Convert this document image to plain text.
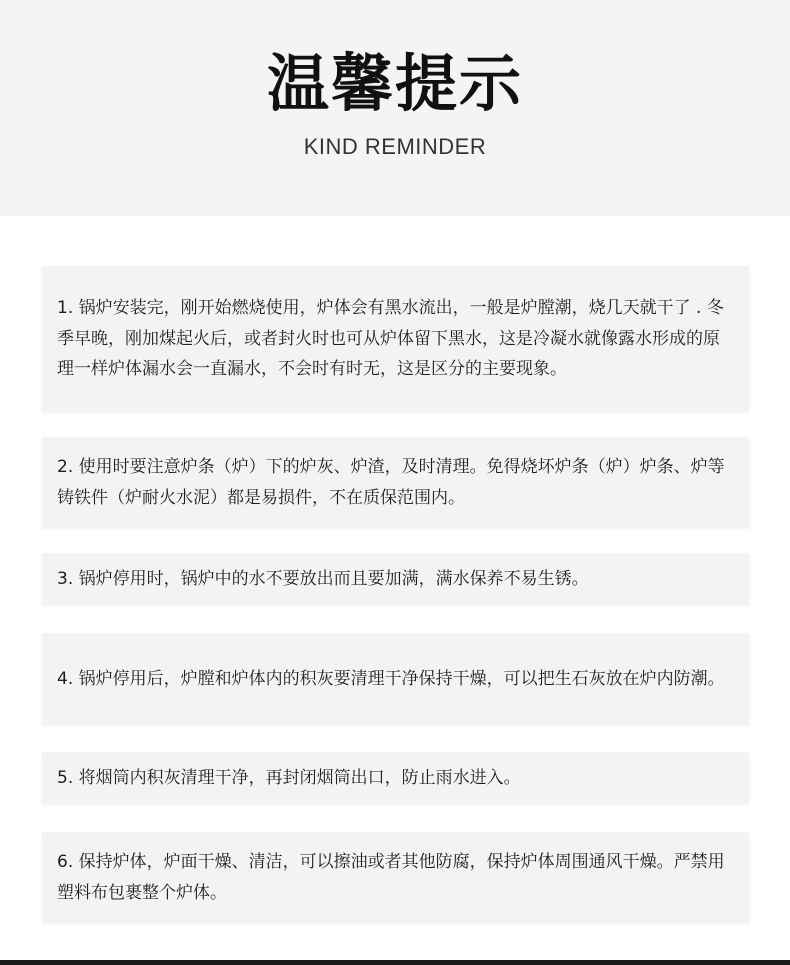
温馨提示
KIND REMINDER

1. 锅炉安装完，刚开始燃烧使用，炉体会有黑水流出，一般是炉膛潮，烧几天就干了 . 冬季早晚，刚加煤起火后，或者封火时也可从炉体留下黑水，这是冷凝水就像露水形成的原理一样炉体漏水会一直漏水，不会时有时无，这是区分的主要现象。

2. 使用时要注意炉条（炉）下的炉灰、炉渣，及时清理。免得烧坏炉条（炉）炉条、炉等铸铁件（炉耐火水泥）都是易损件，不在质保范围内。

3. 锅炉停用时，锅炉中的水不要放出而且要加满，满水保养不易生锈。

4. 锅炉停用后，炉膛和炉体内的积灰要清理干净保持干燥，可以把生石灰放在炉内防潮。

5. 将烟筒内积灰清理干净，再封闭烟筒出口，防止雨水进入。

6. 保持炉体，炉面干燥、清洁，可以擦油或者其他防腐，保持炉体周围通风干燥。严禁用塑料布包裹整个炉体。
